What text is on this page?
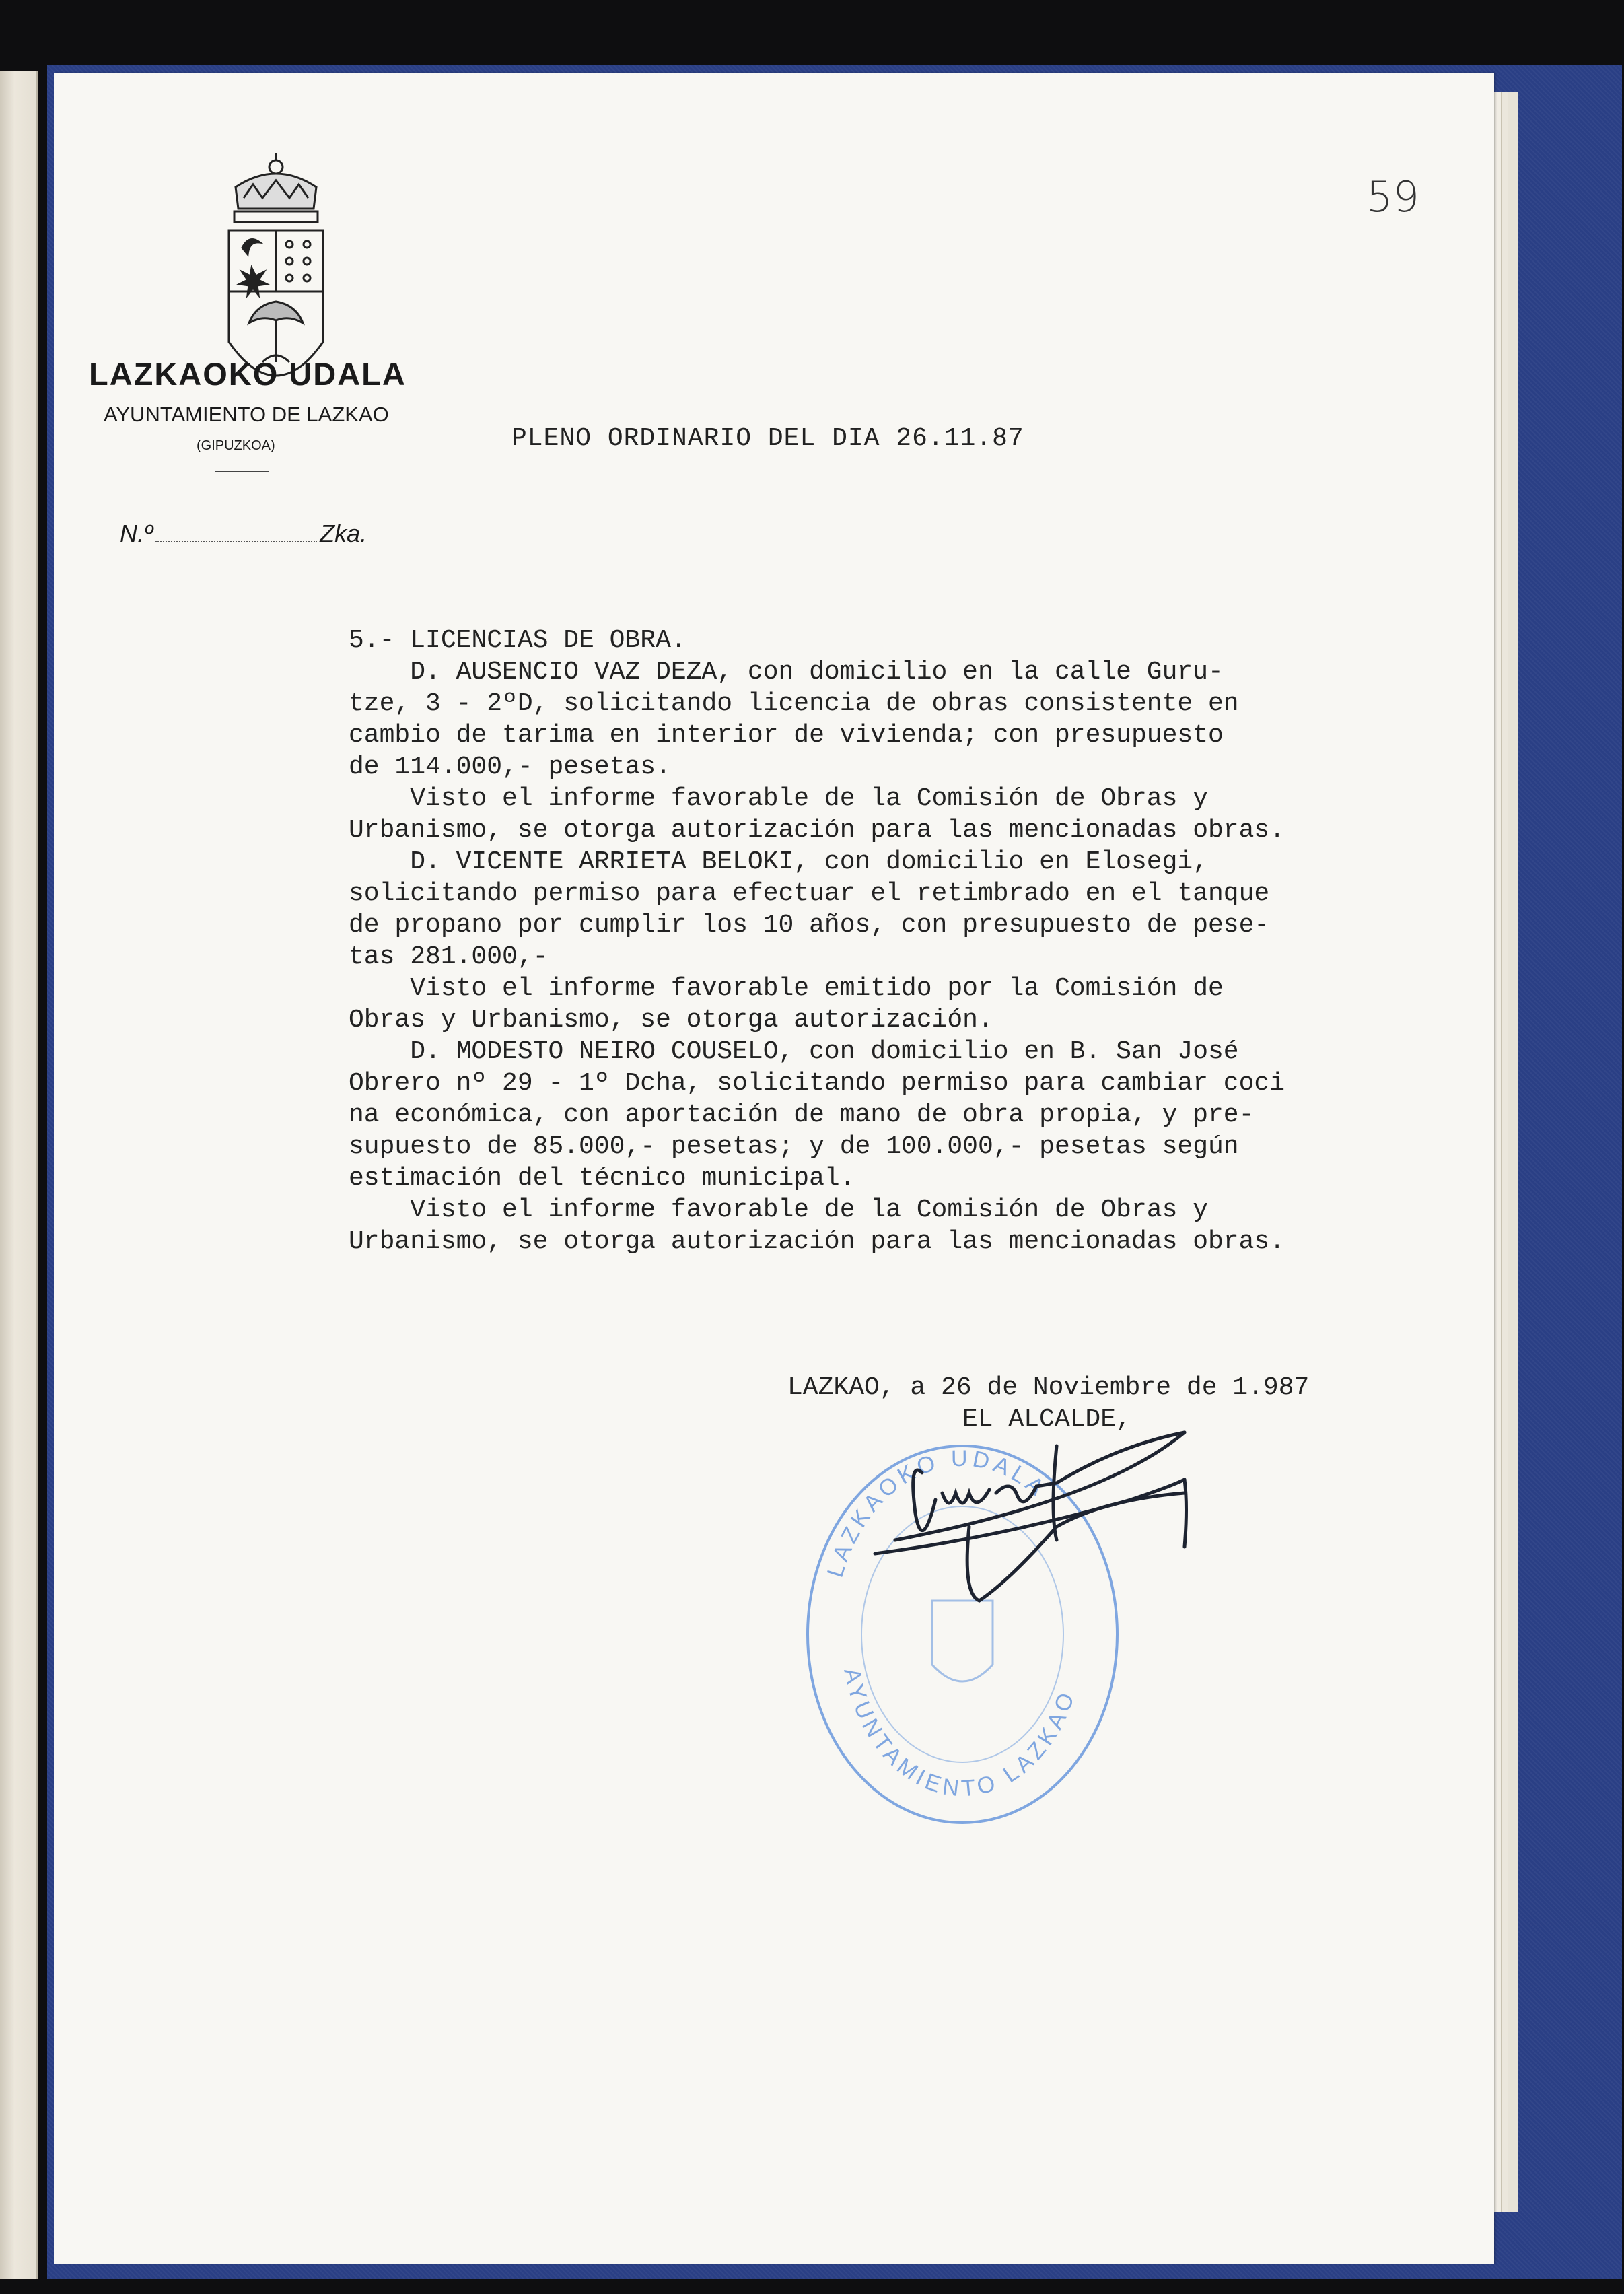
LAZKAOKO UDALA
AYUNTAMIENTO DE LAZKAO
(GIPUZKOA)
N.º	Zka.
59
PLENO ORDINARIO DEL DIA 26.11.87

5.- LICENCIAS DE OBRA.

D. AUSENCIO VAZ DEZA, con domicilio en la calle Guru-

tze, 3 - 2ºD, solicitando licencia de obras consistente en

cambio de tarima en interior de vivienda; con presupuesto

de 114.000,- pesetas.

Visto el informe favorable de la Comisión de Obras y

Urbanismo, se otorga autorización para las mencionadas obras.

D. VICENTE ARRIETA BELOKI, con domicilio en Elosegi,

solicitando permiso para efectuar el retimbrado en el tanque

de propano por cumplir los 10 años, con presupuesto de pese-

tas 281.000,-

Visto el informe favorable emitido por la Comisión de

Obras y Urbanismo, se otorga autorización.

D. MODESTO NEIRO COUSELO, con domicilio en B. San José

Obrero nº 29 - 1º Dcha, solicitando permiso para cambiar coci

na económica, con aportación de mano de obra propia, y pre-

supuesto de 85.000,- pesetas; y de 100.000,- pesetas según

estimación del técnico municipal.

Visto el informe favorable de la Comisión de Obras y

Urbanismo, se otorga autorización para las mencionadas obras.

LAZKAO, a 26 de Noviembre de 1.987
EL ALCALDE,
LAZKAOKO UDALA
AYUNTAMIENTO LAZKAO
